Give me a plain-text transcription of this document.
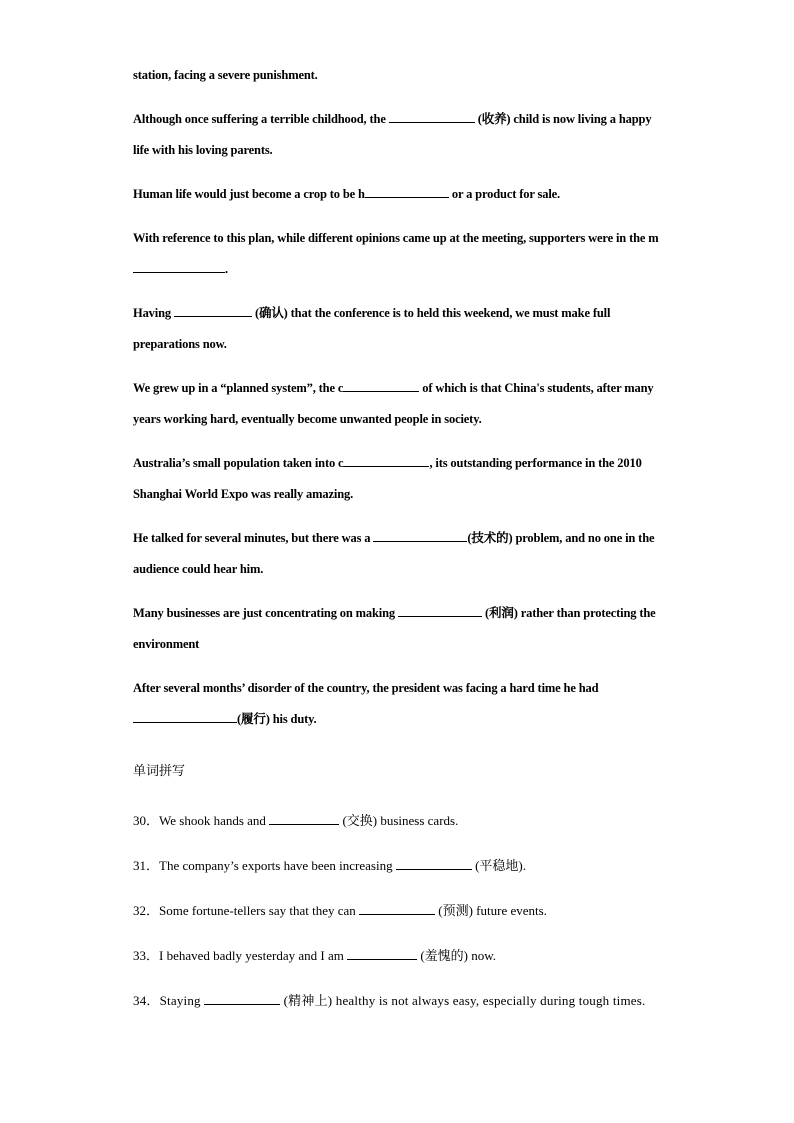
station, facing a severe punishment.

Although once suffering a terrible childhood, the	(收养) child is now living a happy life with his loving parents.

Human life would just become a crop to be h	or a product for sale.

With reference to this plan, while different opinions came up at the meeting, supporters were in the m.

Having	(确认) that the conference is to held this weekend, we must make full preparations now.

We grew up in a “planned system”, the c	of which is that China's students, after many years working hard, eventually become unwanted people in society.

Australia’s small population taken into c	, its outstanding performance in the 2010 Shanghai World Expo was really amazing.

He talked for several minutes, but there was a	(技术的) problem, and no one in the audience could hear him.

Many businesses are just concentrating on making	(利润) rather than protecting the environment

After several months’ disorder of the country, the president was facing a hard time he had (履行) his duty.

单词拼写

30．We shook hands and	(交换) business cards.

31．The company’s exports have been increasing	(平稳地).

32．Some fortune-tellers say that they can	(预测) future events.

33．I behaved badly yesterday and I am	(羞愧的) now.

34．Staying	(精神上) healthy is not always easy, especially during tough times.
